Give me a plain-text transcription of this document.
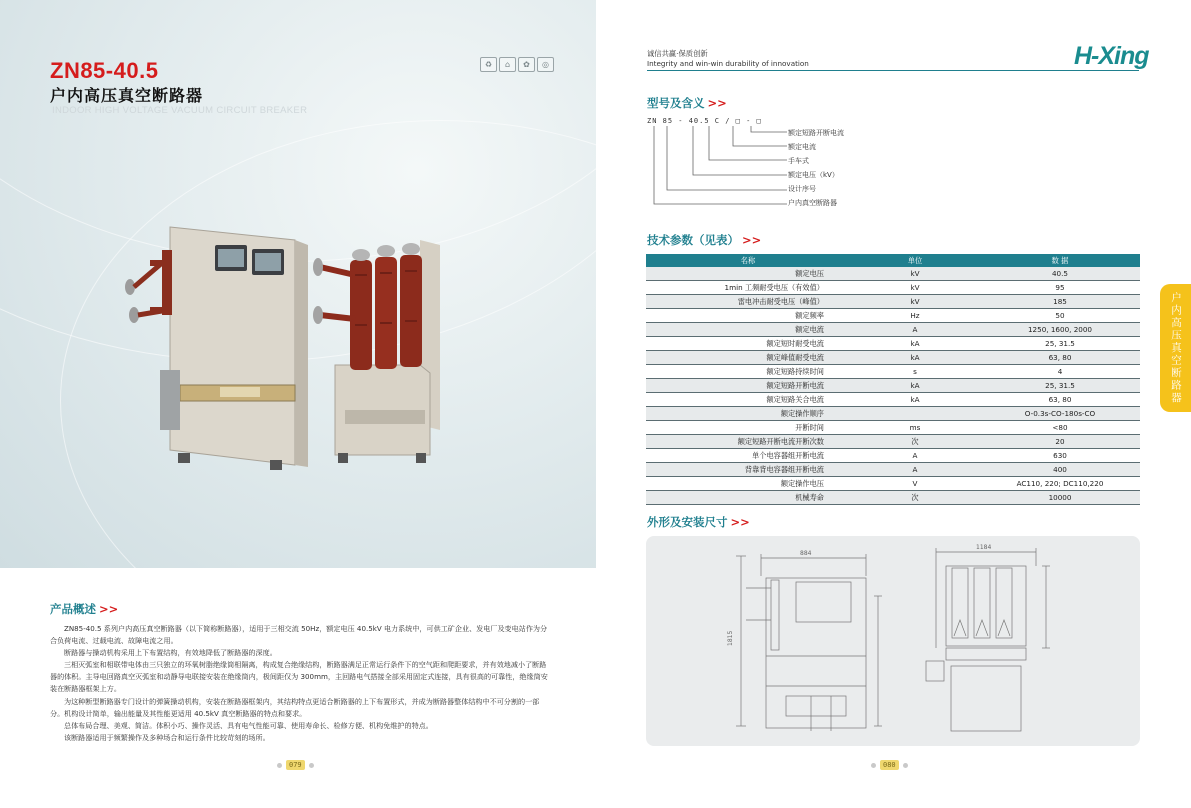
ZN85-40.5
户内高压真空断路器
INDOOR HIGH VOLTAGE VACUUM CIRCUIT BREAKER
♻	⌂	✿	◎
产品概述 >>

ZN85-40.5 系列户内高压真空断路器（以下简称断路器），适用于三相交流 50Hz，额定电压 40.5kV 电力系统中，可供工矿企业、发电厂及变电站作为分合负荷电流、过载电流、故障电流之用。

断路器与操动机构采用上下布置结构，有效地降低了断路器的深度。

三相灭弧室和相联带电体由三只独立的环氧树脂绝缘筒相隔离，构成复合绝缘结构，断路器满足正常运行条件下的空气距和爬距要求，并有效地减小了断路器的体积。主导电回路真空灭弧室和动静导电联接安装在绝缘筒内，极间距仅为 300mm，主回路电气搭接全部采用固定式连接，具有很高的可靠性，绝缘筒安装在断路器框架上方。

为这种断型断路器专门设计的弹簧操动机构，安装在断路器框架内，其结构特点更适合断路器的上下布置形式，并成为断路器整体结构中不可分割的一部分。机构设计简单，输出能量及其性能更适用 40.5kV 真空断路器的特点和要求。

总体布局合理、美观、简洁。体积小巧、操作灵活、具有电气性能可靠、使用寿命长、检修方便、机构免维护的特点。

该断路器适用于频繁操作及多种场合和运行条件比较苛刻的场所。

079
诚信共赢·保质创新
Integrity and win-win durability of innovation	H-Xing
型号及含义 >>
ZN 85 - 40.5 C / □ - □
额定短路开断电流
额定电流
手车式
额定电压（kV）
设计序号
户内真空断路器
技术参数（见表） >>
名称	单位	数 据
额定电压	kV	40.5
1min 工频耐受电压（有效值）	kV	95
雷电冲击耐受电压（峰值）	kV	185
额定频率	Hz	50
额定电流	A	1250, 1600, 2000
额定短时耐受电流	kA	25, 31.5
额定峰值耐受电流	kA	63, 80
额定短路持续时间	s	4
额定短路开断电流	kA	25, 31.5
额定短路关合电流	kA	63, 80
额定操作顺序		O-0.3s-CO-180s-CO
开断时间	ms	<80
额定短路开断电流开断次数	次	20
单个电容器组开断电流	A	630
背靠背电容器组开断电流	A	400
额定操作电压	V	AC110, 220; DC110,220
机械寿命	次	10000
外形及安装尺寸 >>
884
1815
1184
户内高压真空断路器
080
